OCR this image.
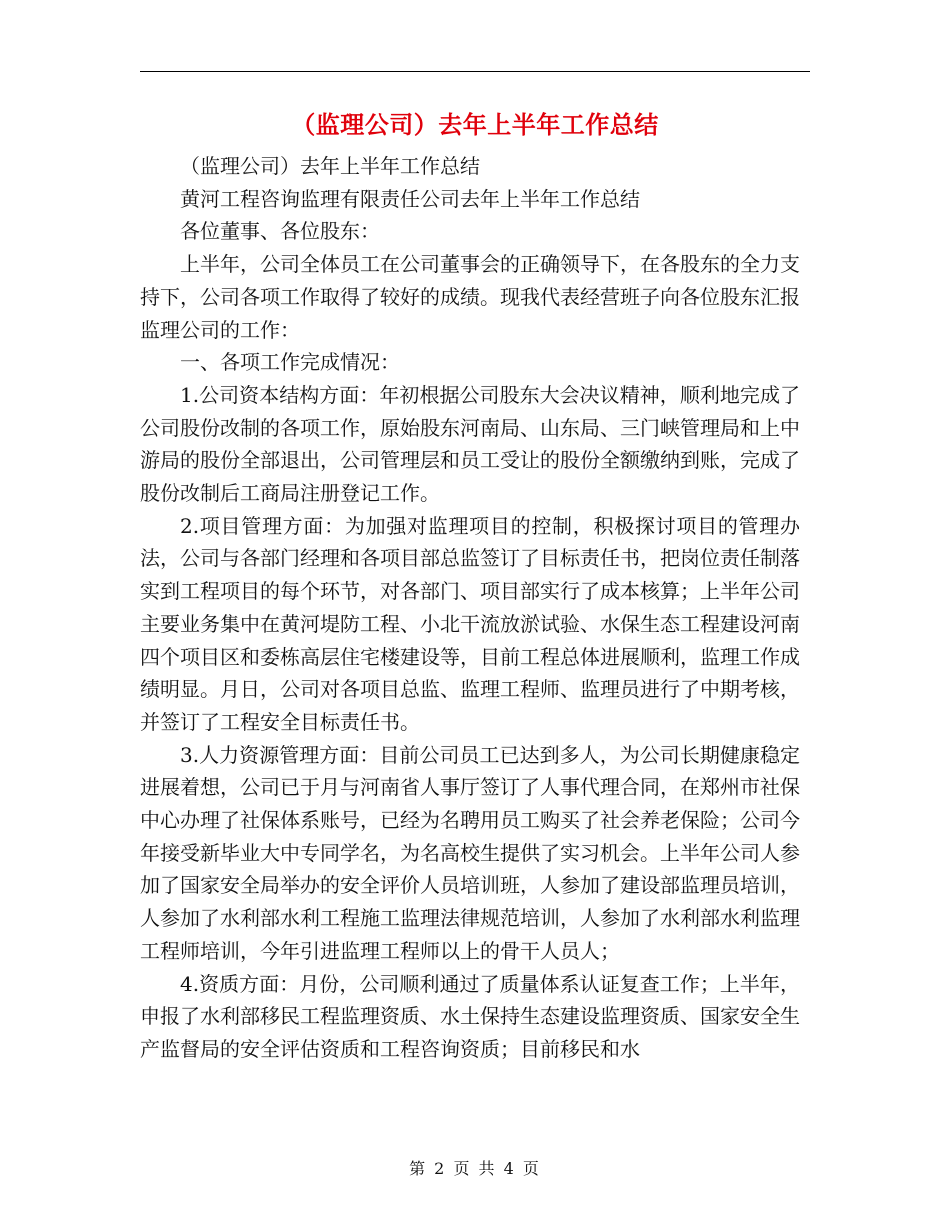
（监理公司）去年上半年工作总结

（监理公司）去年上半年工作总结

黄河工程咨询监理有限责任公司去年上半年工作总结

各位董事、各位股东：

上半年，公司全体员工在公司董事会的正确领导下，在各股东的全力支持下，公司各项工作取得了较好的成绩。现我代表经营班子向各位股东汇报监理公司的工作：

一、各项工作完成情况：

1.公司资本结构方面：年初根据公司股东大会决议精神，顺利地完成了公司股份改制的各项工作，原始股东河南局、山东局、三门峡管理局和上中游局的股份全部退出，公司管理层和员工受让的股份全额缴纳到账，完成了股份改制后工商局注册登记工作。

2.项目管理方面：为加强对监理项目的控制，积极探讨项目的管理办法，公司与各部门经理和各项目部总监签订了目标责任书，把岗位责任制落实到工程项目的每个环节，对各部门、项目部实行了成本核算；上半年公司主要业务集中在黄河堤防工程、小北干流放淤试验、水保生态工程建设河南四个项目区和委栋高层住宅楼建设等，目前工程总体进展顺利，监理工作成绩明显。月日，公司对各项目总监、监理工程师、监理员进行了中期考核，并签订了工程安全目标责任书。

3.人力资源管理方面：目前公司员工已达到多人，为公司长期健康稳定进展着想，公司已于月与河南省人事厅签订了人事代理合同，在郑州市社保中心办理了社保体系账号，已经为名聘用员工购买了社会养老保险；公司今年接受新毕业大中专同学名，为名高校生提供了实习机会。上半年公司人参加了国家安全局举办的安全评价人员培训班，人参加了建设部监理员培训，人参加了水利部水利工程施工监理法律规范培训，人参加了水利部水利监理工程师培训，今年引进监理工程师以上的骨干人员人；

4.资质方面：月份，公司顺利通过了质量体系认证复查工作；上半年，申报了水利部移民工程监理资质、水土保持生态建设监理资质、国家安全生产监督局的安全评估资质和工程咨询资质；目前移民和水

第 2 页 共 4 页
